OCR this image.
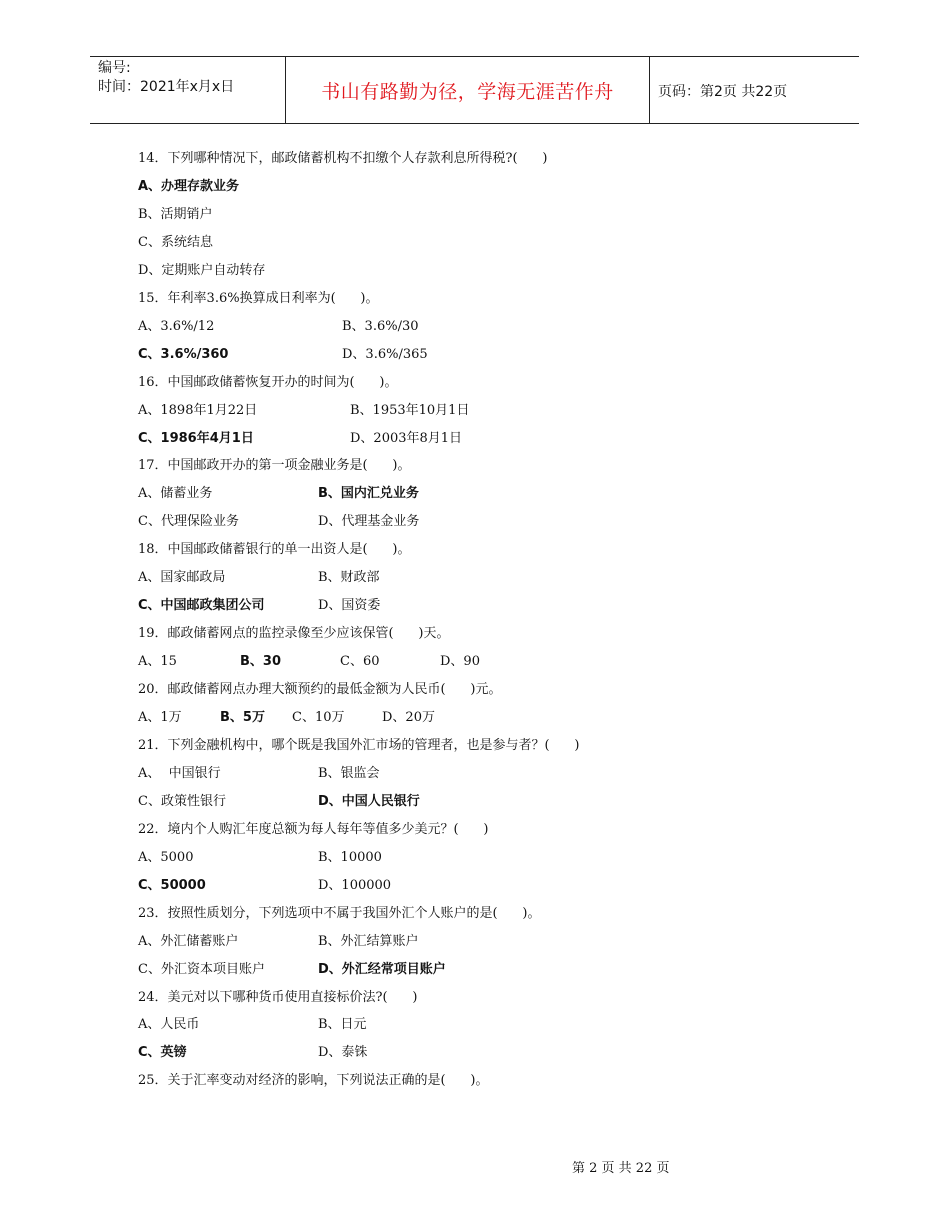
编号:
时间：2021年x月x日	书山有路勤为径，学海无涯苦作舟	页码：第2页 共22页
14．下列哪种情况下，邮政储蓄机构不扣缴个人存款利息所得税?(      )
A、办理存款业务
B、活期销户
C、系统结息
D、定期账户自动转存
15．年利率3.6%换算成日利率为(      )。
A、3.6%/12	B、3.6%/30
C、3.6%/360	D、3.6%/365
16．中国邮政储蓄恢复开办的时间为(      )。
A、1898年1月22日	B、1953年10月1日
C、1986年4月1日	D、2003年8月1日
17．中国邮政开办的第一项金融业务是(      )。
A、储蓄业务	B、国内汇兑业务
C、代理保险业务	D、代理基金业务
18．中国邮政储蓄银行的单一出资人是(      )。
A、国家邮政局	B、财政部
C、中国邮政集团公司	D、国资委
19．邮政储蓄网点的监控录像至少应该保管(      )天。
A、15	B、30	C、60	D、90
20．邮政储蓄网点办理大额预约的最低金额为人民币(      )元。
A、1万	B、5万 C、10万	D、20万
21．下列金融机构中，哪个既是我国外汇市场的管理者，也是参与者？(      )
A、  中国银行	B、银监会
C、政策性银行	D、中国人民银行
22．境内个人购汇年度总额为每人每年等值多少美元？(      )
A、5000	B、10000
C、50000	D、100000
23．按照性质划分，下列选项中不属于我国外汇个人账户的是(      )。
A、外汇储蓄账户	B、外汇结算账户
C、外汇资本项目账户	D、外汇经常项目账户
24．美元对以下哪种货币使用直接标价法?(      )
A、人民币	B、日元
C、英镑	D、泰铢
25．关于汇率变动对经济的影响，下列说法正确的是(      )。
第 2 页 共 22 页
